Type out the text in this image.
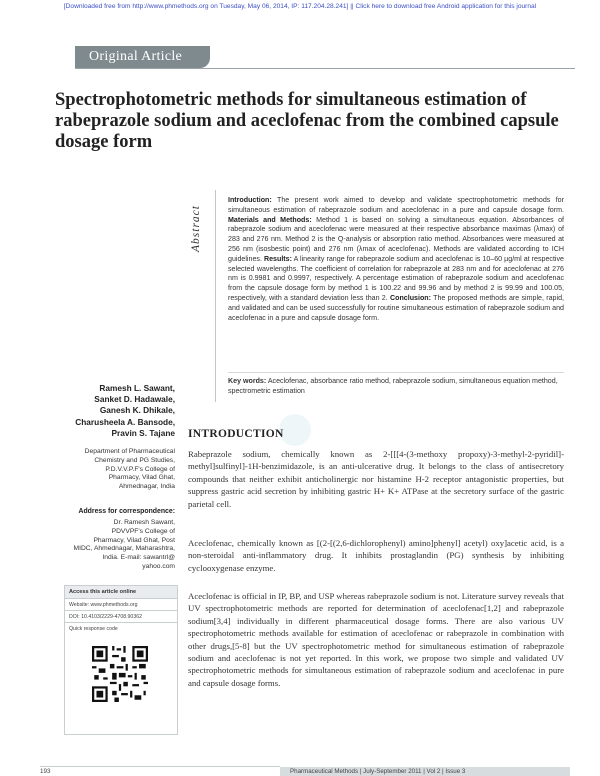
[Downloaded free from http://www.phmethods.org on Tuesday, May 06, 2014, IP: 117.204.28.241] || Click here to download free Android application for this journal
Original Article
Spectrophotometric methods for simultaneous estimation of rabeprazole sodium and aceclofenac from the combined capsule dosage form
Abstract
Introduction: The present work aimed to develop and validate spectrophotometric methods for simultaneous estimation of rabeprazole sodium and aceclofenac in a pure and capsule dosage form. Materials and Methods: Method 1 is based on solving a simultaneous equation. Absorbances of rabeprazole sodium and aceclofenac were measured at their respective absorbance maximas (λmax) of 283 and 276 nm. Method 2 is the Q-analysis or absorption ratio method. Absorbances were measured at 256 nm (isosbestic point) and 276 nm (λmax of aceclofenac). Methods are validated according to ICH guidelines. Results: A linearity range for rabeprazole sodium and aceclofenac is 10–60 µg/ml at respective selected wavelengths. The coefficient of correlation for rabeprazole at 283 nm and for aceclofenac at 276 nm is 0.9981 and 0.9997, respectively. A percentage estimation of rabeprazole sodium and aceclofenac from the capsule dosage form by method 1 is 100.22 and 99.96 and by method 2 is 99.99 and 100.05, respectively, with a standard deviation less than 2. Conclusion: The proposed methods are simple, rapid, and validated and can be used successfully for routine simultaneous estimation of rabeprazole sodium and aceclofenac in a pure and capsule dosage form.
Key words: Aceclofenac, absorbance ratio method, rabeprazole sodium, simultaneous equation method, spectrometric estimation
Ramesh L. Sawant,
Sanket D. Hadawale,
Ganesh K. Dhikale,
Charusheela A. Bansode,
Pravin S. Tajane
Department of Pharmaceutical
Chemistry and PG Studies,
P.D.V.V.P.F's College of
Pharmacy, Vilad Ghat,
Ahmednagar, India
Address for correspondence:
Dr. Ramesh Sawant,
PDVVPF's College of
Pharmacy, Vilad Ghat, Post
MIDC, Ahmednagar, Maharashtra,
India. E-mail: sawantrl@
yahoo.com
Access this article online
Website: www.phmethods.org
DOI: 10.4103/2229-4708.90362
Quick response code
INTRODUCTION
Rabeprazole sodium, chemically known as 2-[[[4-(3-methoxy propoxy)-3-methyl-2-pyridil]-methyl]sulfinyl]-1H-benzimidazole, is an anti-ulcerative drug. It belongs to the class of antisecretory compounds that neither exhibit anticholinergic nor histamine H-2 receptor antagonistic properties, but suppress gastric acid secretion by inhibiting gastric H+ K+ ATPase at the secretory surface of the gastric parietal cell.
Aceclofenac, chemically known as [(2-[(2,6-dichlorophenyl) amino]phenyl] acetyl) oxy]acetic acid, is a non-steroidal anti-inflammatory drug. It inhibits prostaglandin (PG) synthesis by inhibiting cyclooxygenase enzyme.
Aceclofenac is official in IP, BP, and USP whereas rabeprazole sodium is not. Literature survey reveals that UV spectrophotometric methods are reported for determination of aceclofenac[1,2] and rabeprazole sodium[3,4] individually in different pharmaceutical dosage forms. There are also various UV spectrophotometric methods available for estimation of aceclofenac or rabeprazole in combination with other drugs,[5-8] but the UV spectrophotometric method for simultaneous estimation of rabeprazole sodium and aceclofenac is not yet reported. In this work, we propose two simple and validated UV spectrophotometric methods for simultaneous estimation of rabeprazole sodium and aceclofenac in pure and capsule dosage forms.
193	Pharmaceutical Methods | July-September 2011 | Vol 2 | Issue 3
